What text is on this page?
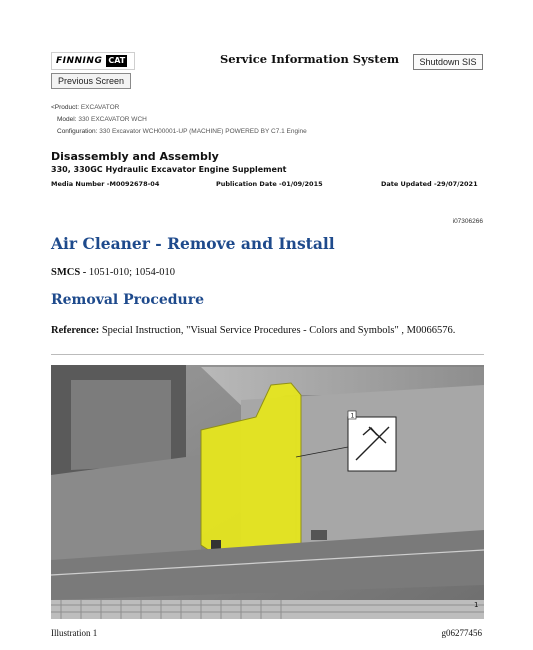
FINNING CAT
Previous Screen
Service Information System	Shutdown SIS
<Product: EXCAVATOR
Model: 330 EXCAVATOR WCH
Configuration: 330 Excavator WCH00001-UP (MACHINE) POWERED BY C7.1 Engine
Disassembly and Assembly
330, 330GC Hydraulic Excavator Engine Supplement
Media Number -M0092678-04	Publication Date -01/09/2015	Date Updated -29/07/2021
i07306266
Air Cleaner - Remove and Install
SMCS - 1051-010; 1054-010
Removal Procedure
Reference: Special Instruction, "Visual Service Procedures - Colors and Symbols" , M0066576.
1
1
Illustration 1	g06277456
